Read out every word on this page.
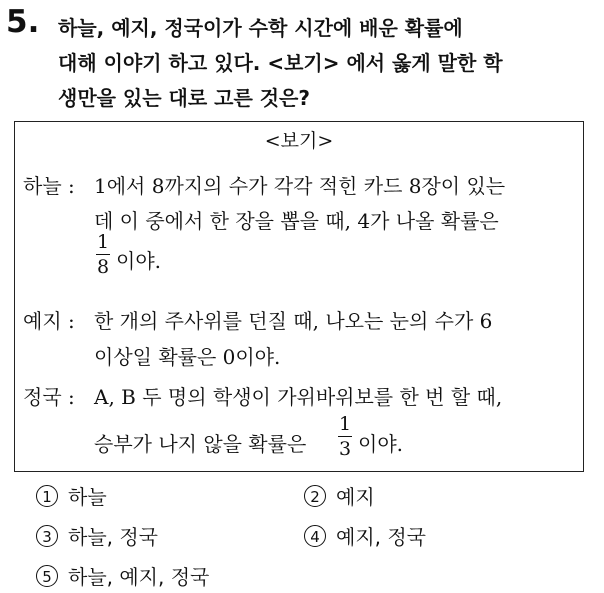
5. 하늘, 예지, 정국이가 수학 시간에 배운 확률에
대해 이야기 하고 있다. <보기> 에서 옳게 말한 학
생만을 있는 대로 고른 것은?
<보기>
하늘 : 1에서 8까지의 수가 각각 적힌 카드 8장이 있는
데 이 중에서 한 장을 뽑을 때, 4가 나올 확률은
1
8 이야.
예지 : 한 개의 주사위를 던질 때, 나오는 눈의 수가 6
이상일 확률은 0이야.
정국 : A, B 두 명의 학생이 가위바위보를 한 번 할 때,
승부가 나지 않을 확률은
1
3 이야.
1 하늘	2 예지
3 하늘, 정국	4 예지, 정국
5 하늘, 예지, 정국
